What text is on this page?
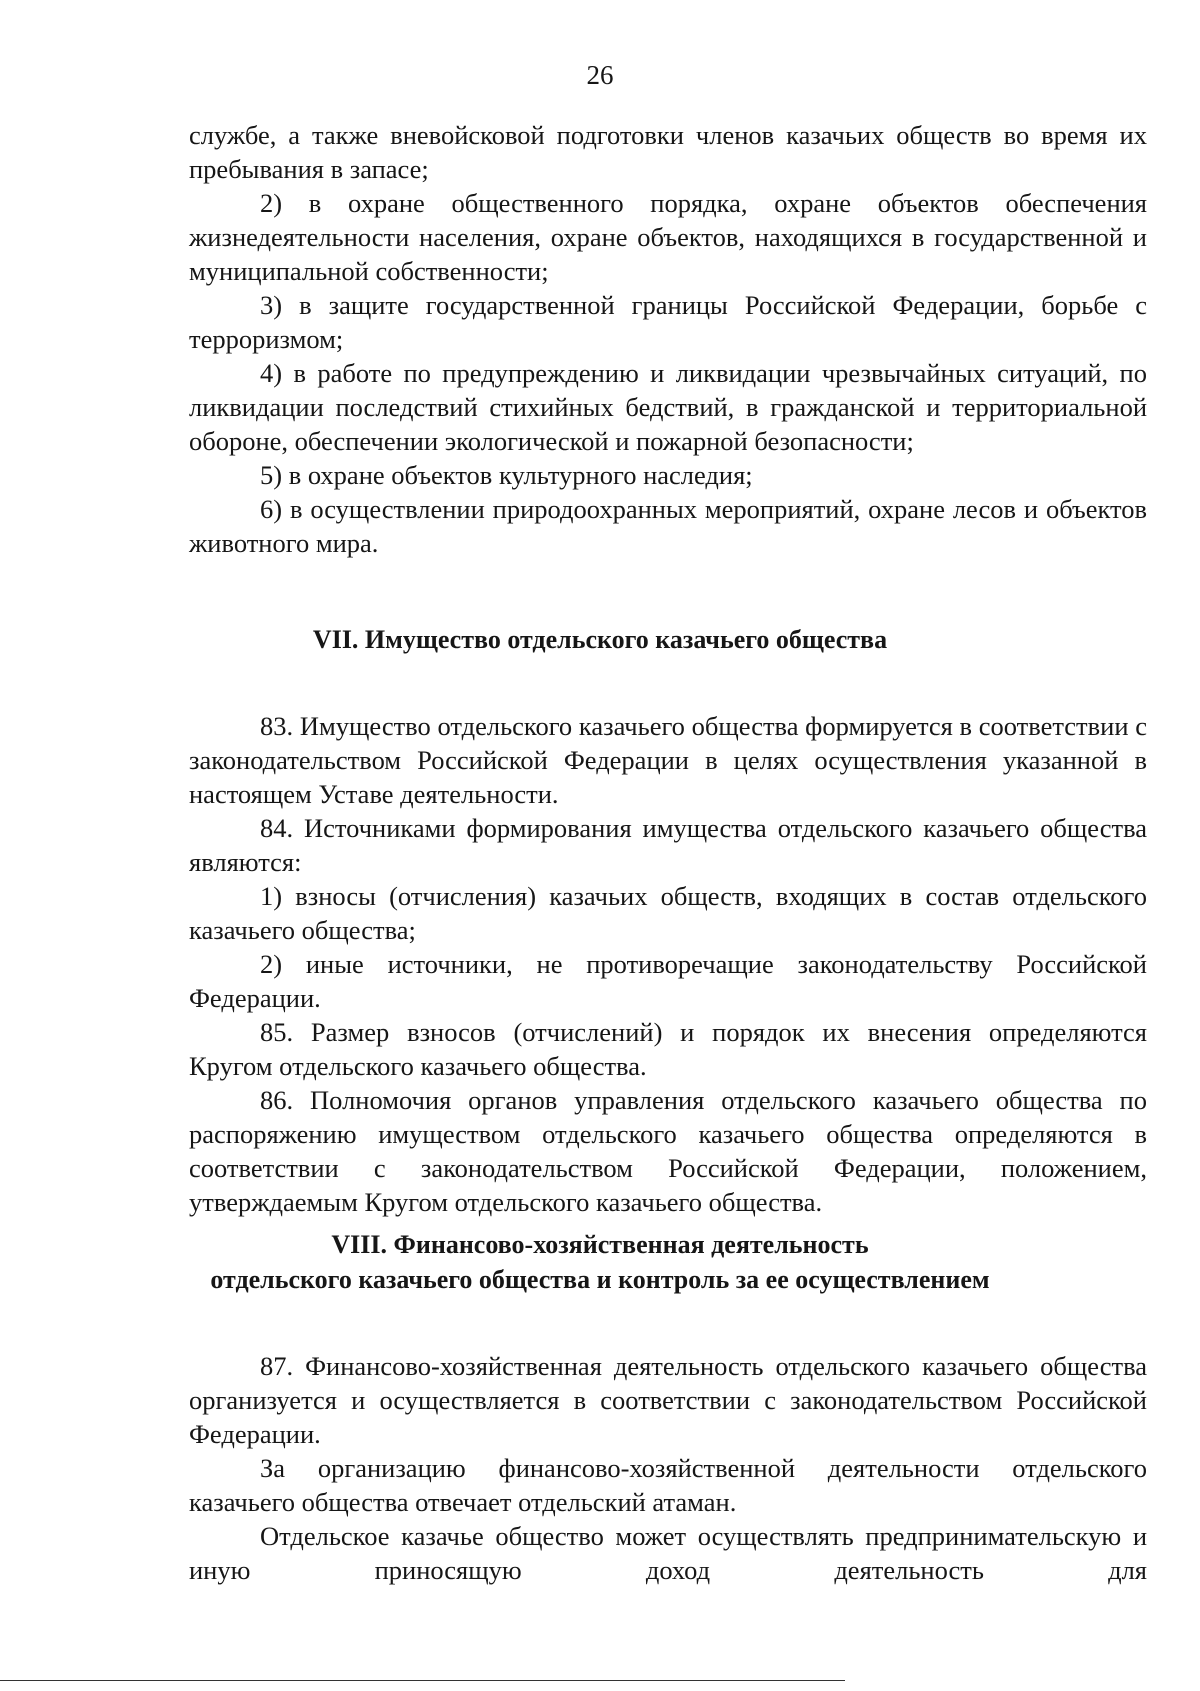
26

службе, а также вневойсковой подготовки членов казачьих обществ во время их пребывания в запасе;

2) в охране общественного порядка, охране объектов обеспечения жизнедеятельности населения, охране объектов, находящихся в государственной и муниципальной собственности;

3) в защите государственной границы Российской Федерации, борьбе с терроризмом;

4) в работе по предупреждению и ликвидации чрезвычайных ситуаций, по ликвидации последствий стихийных бедствий, в гражданской и территориальной обороне, обеспечении экологической и пожарной безопасности;

5) в охране объектов культурного наследия;

6) в осуществлении природоохранных мероприятий, охране лесов и объектов животного мира.

VII. Имущество отдельского казачьего общества

83. Имущество отдельского казачьего общества формируется в соответствии с законодательством Российской Федерации в целях осуществления указанной в настоящем Уставе деятельности.

84. Источниками формирования имущества отдельского казачьего общества являются:

1) взносы (отчисления) казачьих обществ, входящих в состав отдельского казачьего общества;

2) иные источники, не противоречащие законодательству Российской Федерации.

85. Размер взносов (отчислений) и порядок их внесения определяются Кругом отдельского казачьего общества.

86. Полномочия органов управления отдельского казачьего общества по распоряжению имуществом отдельского казачьего общества определяются в соответствии с законодательством Российской Федерации, положением, утверждаемым Кругом отдельского казачьего общества.

VIII. Финансово-хозяйственная деятельность
отдельского казачьего общества и контроль за ее осуществлением

87. Финансово-хозяйственная деятельность отдельского казачьего общества организуется и осуществляется в соответствии с законодательством Российской Федерации.

За организацию финансово-хозяйственной деятельности отдельского казачьего общества отвечает отдельский атаман.

Отдельское казачье общество может осуществлять предпринимательскую и иную приносящую доход деятельность для
